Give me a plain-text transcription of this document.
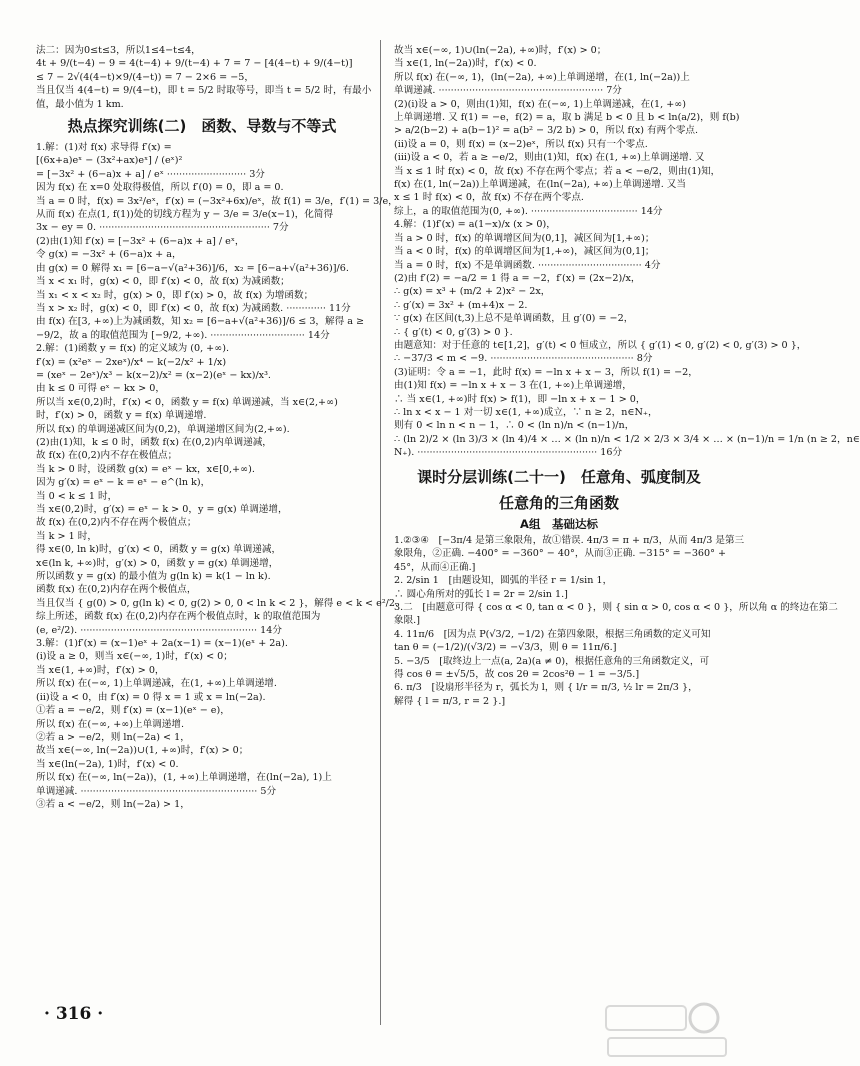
法二：因为0≤t≤3，所以1≤4−t≤4，
4t + 9/(t−4) − 9 = 4(t−4) + 9/(t−4) + 7 = 7 − [4(4−t) + 9/(4−t)]
≤ 7 − 2√(4(4−t)×9/(4−t)) = 7 − 2×6 = −5，
当且仅当 4(4−t) = 9/(4−t)，即 t = 5/2 时取等号，即当 t = 5/2 时，有最小
值，最小值为 1 km.
热点探究训练(二)　函数、导数与不等式
1.解：(1)对 f(x) 求导得 f′(x) =
[(6x+a)eˣ − (3x²+ax)eˣ] / (eˣ)²
= [−3x² + (6−a)x + a] / eˣ ·························· 3分
因为 f(x) 在 x=0 处取得极值，所以 f′(0) = 0，即 a = 0.
当 a = 0 时，f(x) = 3x²/eˣ，f′(x) = (−3x²+6x)/eˣ，故 f(1) = 3/e，f′(1) = 3/e，
从而 f(x) 在点(1, f(1))处的切线方程为 y − 3/e = 3/e(x−1)，化简得
3x − ey = 0. ························································ 7分
(2)由(1)知 f′(x) = [−3x² + (6−a)x + a] / eˣ，
令 g(x) = −3x² + (6−a)x + a，
由 g(x) = 0 解得 x₁ = [6−a−√(a²+36)]/6，x₂ = [6−a+√(a²+36)]/6.
当 x < x₁ 时，g(x) < 0，即 f′(x) < 0，故 f(x) 为减函数；
当 x₁ < x < x₂ 时，g(x) > 0，即 f′(x) > 0，故 f(x) 为增函数；
当 x > x₂ 时，g(x) < 0，即 f′(x) < 0，故 f(x) 为减函数. ············· 11分
由 f(x) 在[3, +∞)上为减函数，知 x₂ = [6−a+√(a²+36)]/6 ≤ 3，解得 a ≥
−9/2，故 a 的取值范围为 [−9/2, +∞). ······························· 14分
2.解：(1)函数 y = f(x) 的定义域为 (0, +∞).
f′(x) = (x²eˣ − 2xeˣ)/x⁴ − k(−2/x² + 1/x)
= (xeˣ − 2eˣ)/x³ − k(x−2)/x² = (x−2)(eˣ − kx)/x³.
由 k ≤ 0 可得 eˣ − kx > 0，
所以当 x∈(0,2)时，f′(x) < 0，函数 y = f(x) 单调递减，当 x∈(2,+∞)
时，f′(x) > 0，函数 y = f(x) 单调递增.
所以 f(x) 的单调递减区间为(0,2)，单调递增区间为(2,+∞).
(2)由(1)知，k ≤ 0 时，函数 f(x) 在(0,2)内单调递减，
故 f(x) 在(0,2)内不存在极值点；
当 k > 0 时，设函数 g(x) = eˣ − kx，x∈[0,+∞).
因为 g′(x) = eˣ − k = eˣ − e^(ln k)，
当 0 < k ≤ 1 时，
当 x∈(0,2)时，g′(x) = eˣ − k > 0，y = g(x) 单调递增，
故 f(x) 在(0,2)内不存在两个极值点；
当 k > 1 时，
得 x∈(0, ln k)时，g′(x) < 0，函数 y = g(x) 单调递减，
x∈(ln k, +∞)时，g′(x) > 0，函数 y = g(x) 单调递增，
所以函数 y = g(x) 的最小值为 g(ln k) = k(1 − ln k).
函数 f(x) 在(0,2)内存在两个极值点，
当且仅当 { g(0) > 0, g(ln k) < 0, g(2) > 0, 0 < ln k < 2 }，解得 e < k < e²/2.
综上所述，函数 f(x) 在(0,2)内存在两个极值点时，k 的取值范围为
(e, e²/2). ·························································· 14分
3.解：(1)f′(x) = (x−1)eˣ + 2a(x−1) = (x−1)(eˣ + 2a).
(ⅰ)设 a ≥ 0，则当 x∈(−∞, 1)时，f′(x) < 0；
当 x∈(1, +∞)时，f′(x) > 0，
所以 f(x) 在(−∞, 1)上单调递减，在(1, +∞)上单调递增.
(ⅱ)设 a < 0，由 f′(x) = 0 得 x = 1 或 x = ln(−2a).
①若 a = −e/2，则 f′(x) = (x−1)(eˣ − e)，
所以 f(x) 在(−∞, +∞)上单调递增.
②若 a > −e/2，则 ln(−2a) < 1，
故当 x∈(−∞, ln(−2a))∪(1, +∞)时，f′(x) > 0；
当 x∈(ln(−2a), 1)时，f′(x) < 0.
所以 f(x) 在(−∞, ln(−2a))，(1, +∞)上单调递增，在(ln(−2a), 1)上
单调递减. ·························································· 5分
③若 a < −e/2，则 ln(−2a) > 1，
故当 x∈(−∞, 1)∪(ln(−2a), +∞)时，f′(x) > 0；
当 x∈(1, ln(−2a))时，f′(x) < 0.
所以 f(x) 在(−∞, 1)，(ln(−2a), +∞)上单调递增，在(1, ln(−2a))上
单调递减. ······················································ 7分
(2)(ⅰ)设 a > 0，则由(1)知，f(x) 在(−∞, 1)上单调递减，在(1, +∞)
上单调递增. 又 f(1) = −e，f(2) = a，取 b 满足 b < 0 且 b < ln(a/2)，则 f(b)
> a/2(b−2) + a(b−1)² = a(b² − 3/2 b) > 0，所以 f(x) 有两个零点.
(ⅱ)设 a = 0，则 f(x) = (x−2)eˣ，所以 f(x) 只有一个零点.
(ⅲ)设 a < 0，若 a ≥ −e/2，则由(1)知，f(x) 在(1, +∞)上单调递增. 又
当 x ≤ 1 时 f(x) < 0，故 f(x) 不存在两个零点；若 a < −e/2，则由(1)知，
f(x) 在(1, ln(−2a))上单调递减，在(ln(−2a), +∞)上单调递增. 又当
x ≤ 1 时 f(x) < 0，故 f(x) 不存在两个零点.
综上，a 的取值范围为(0, +∞). ··································· 14分
4.解：(1)f′(x) = a(1−x)/x (x > 0)，
当 a > 0 时，f(x) 的单调增区间为(0,1]，减区间为[1,+∞)；
当 a < 0 时，f(x) 的单调增区间为[1,+∞)，减区间为(0,1]；
当 a = 0 时，f(x) 不是单调函数. ·································· 4分
(2)由 f′(2) = −a/2 = 1 得 a = −2，f′(x) = (2x−2)/x，
∴ g(x) = x³ + (m/2 + 2)x² − 2x，
∴ g′(x) = 3x² + (m+4)x − 2.
∵ g(x) 在区间(t,3)上总不是单调函数，且 g′(0) = −2，
∴ { g′(t) < 0, g′(3) > 0 }.
由题意知：对于任意的 t∈[1,2]，g′(t) < 0 恒成立，所以 { g′(1) < 0, g′(2) < 0, g′(3) > 0 }，
∴ −37/3 < m < −9. ··············································· 8分
(3)证明：令 a = −1，此时 f(x) = −ln x + x − 3，所以 f(1) = −2，
由(1)知 f(x) = −ln x + x − 3 在(1, +∞)上单调递增，
∴ 当 x∈(1, +∞)时 f(x) > f(1)，即 −ln x + x − 1 > 0，
∴ ln x < x − 1 对一切 x∈(1, +∞)成立，∵ n ≥ 2，n∈N₊，
则有 0 < ln n < n − 1，∴ 0 < (ln n)/n < (n−1)/n，
∴ (ln 2)/2 × (ln 3)/3 × (ln 4)/4 × … × (ln n)/n < 1/2 × 2/3 × 3/4 × … × (n−1)/n = 1/n (n ≥ 2，n∈
N₊). ··························································· 16分
课时分层训练(二十一)　任意角、弧度制及
任意角的三角函数
A组　基础达标
1.②③④　[−3π/4 是第三象限角，故①错误. 4π/3 = π + π/3，从而 4π/3 是第三
象限角，②正确. −400° = −360° − 40°，从而③正确. −315° = −360° +
45°，从而④正确.]
2. 2/sin 1　[由题设知，圆弧的半径 r = 1/sin 1，
∴ 圆心角所对的弧长 l = 2r = 2/sin 1.]
3.二　[由题意可得 { cos α < 0, tan α < 0 }，则 { sin α > 0, cos α < 0 }，所以角 α 的终边在第二
象限.]
4. 11π/6　[因为点 P(√3/2, −1/2) 在第四象限，根据三角函数的定义可知
tan θ = (−1/2)/(√3/2) = −√3/3，则 θ = 11π/6.]
5. −3/5　[取终边上一点(a, 2a)(a ≠ 0)，根据任意角的三角函数定义，可
得 cos θ = ±√5/5，故 cos 2θ = 2cos²θ − 1 = −3/5.]
6. π/3　[设扇形半径为 r，弧长为 l，则 { l/r = π/3, ½ lr = 2π/3 }，
解得 { l = π/3, r = 2 }.]
· 316 ·
